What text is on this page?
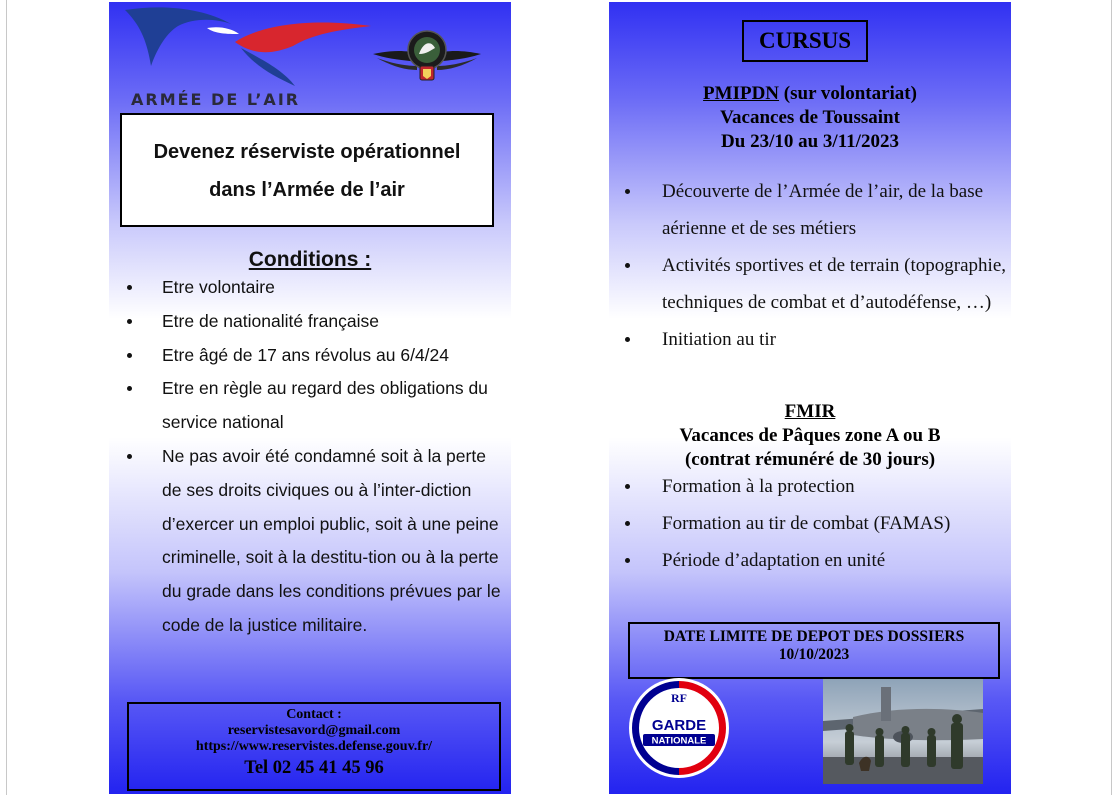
ARMÉE DE L’AIR
Devenez réserviste opérationnel
dans l’Armée de l’air
Conditions :
Etre volontaire
Etre de nationalité française
Etre âgé de 17 ans révolus au 6/4/24
Etre en règle au regard des obligations du service national
Ne pas avoir été condamné soit à la perte de ses droits civiques ou à l’inter-diction d’exercer un emploi public, soit à une peine criminelle, soit à la destitu-tion ou à la perte du grade dans les conditions prévues par le code de la justice militaire.
Contact :
reservistesavord@gmail.com
https://www.reservistes.defense.gouv.fr/
Tel 02 45 41 45 96
CURSUS
PMIPDN (sur volontariat)
Vacances de Toussaint
Du 23/10 au 3/11/2023
Découverte de l’Armée de l’air, de la base aérienne et de ses métiers
Activités sportives et de terrain (topographie, techniques de combat et d’autodéfense, …)
Initiation au tir
FMIR
Vacances de Pâques zone A ou B
(contrat rémunéré de 30 jours)
Formation à la protection
Formation au tir de combat (FAMAS)
Période d’adaptation en unité
DATE LIMITE DE DEPOT DES DOSSIERS
10/10/2023
RF
GARDE
NATIONALE
